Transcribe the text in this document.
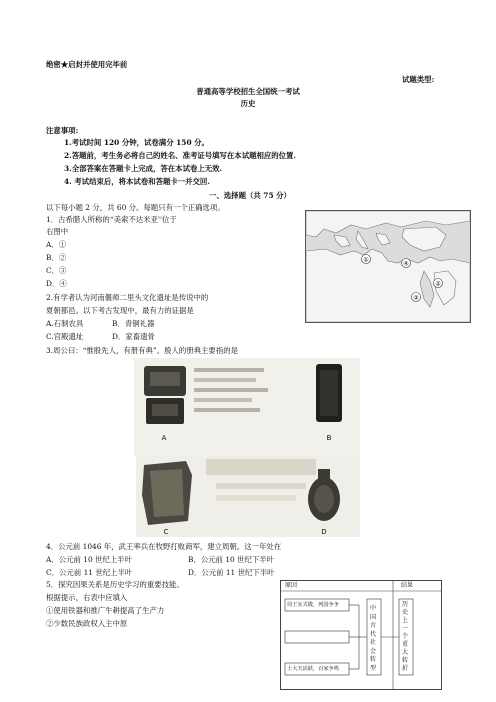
绝密★启封并使用完毕前
试题类型:
普通高等学校招生全国统一考试
历史
注意事项:
1.考试时间 120 分钟，试卷满分 150 分。
2.答题前，考生务必将自己的姓名、准考证号填写在本试题相应的位置.
3.全部答案在答题卡上完成，答在本试卷上无效.
4. 考试结束后，将本试卷和答题卡一并交回.
一、选择题（共 75 分）
以下每小题 2 分，共 60 分。每题只有一个正确选项。
1．古希腊人所称的“美索不达米亚''位于
右图中
A．①
B．②
C．③
D．④
①
④
②
③
2.有学者认为河南偃师二里头文化遗址是传说中的
夏朝都邑。以下考古发现中，最有力的证据是
A.石制农具	B．青铜礼器
C.宫殿遗址	D．家畜遗骨
3.周公曰：“惟殷先人，有册有典”。殷人的册典主要指的是
A	B
C	D
4．公元前 1046 年，武王率兵在牧野打败商军，建立周朝。这一年处在
A．公元前 10 世纪上半叶	B．公元前 10 世纪下半叶
C．公元前 11 世纪上半叶	D．公元前 11 世纪下半叶
5．探究因果关系是历史学习的重要技能。
根据提示，右表中应填入
①使用铁器和推广牛耕提高了生产力
②少数民族政权入主中原
原因	结果
周王室式微，列国争争
士大夫活跃，百家争鸣
中国古代社会转型
历史上一个重大转折
